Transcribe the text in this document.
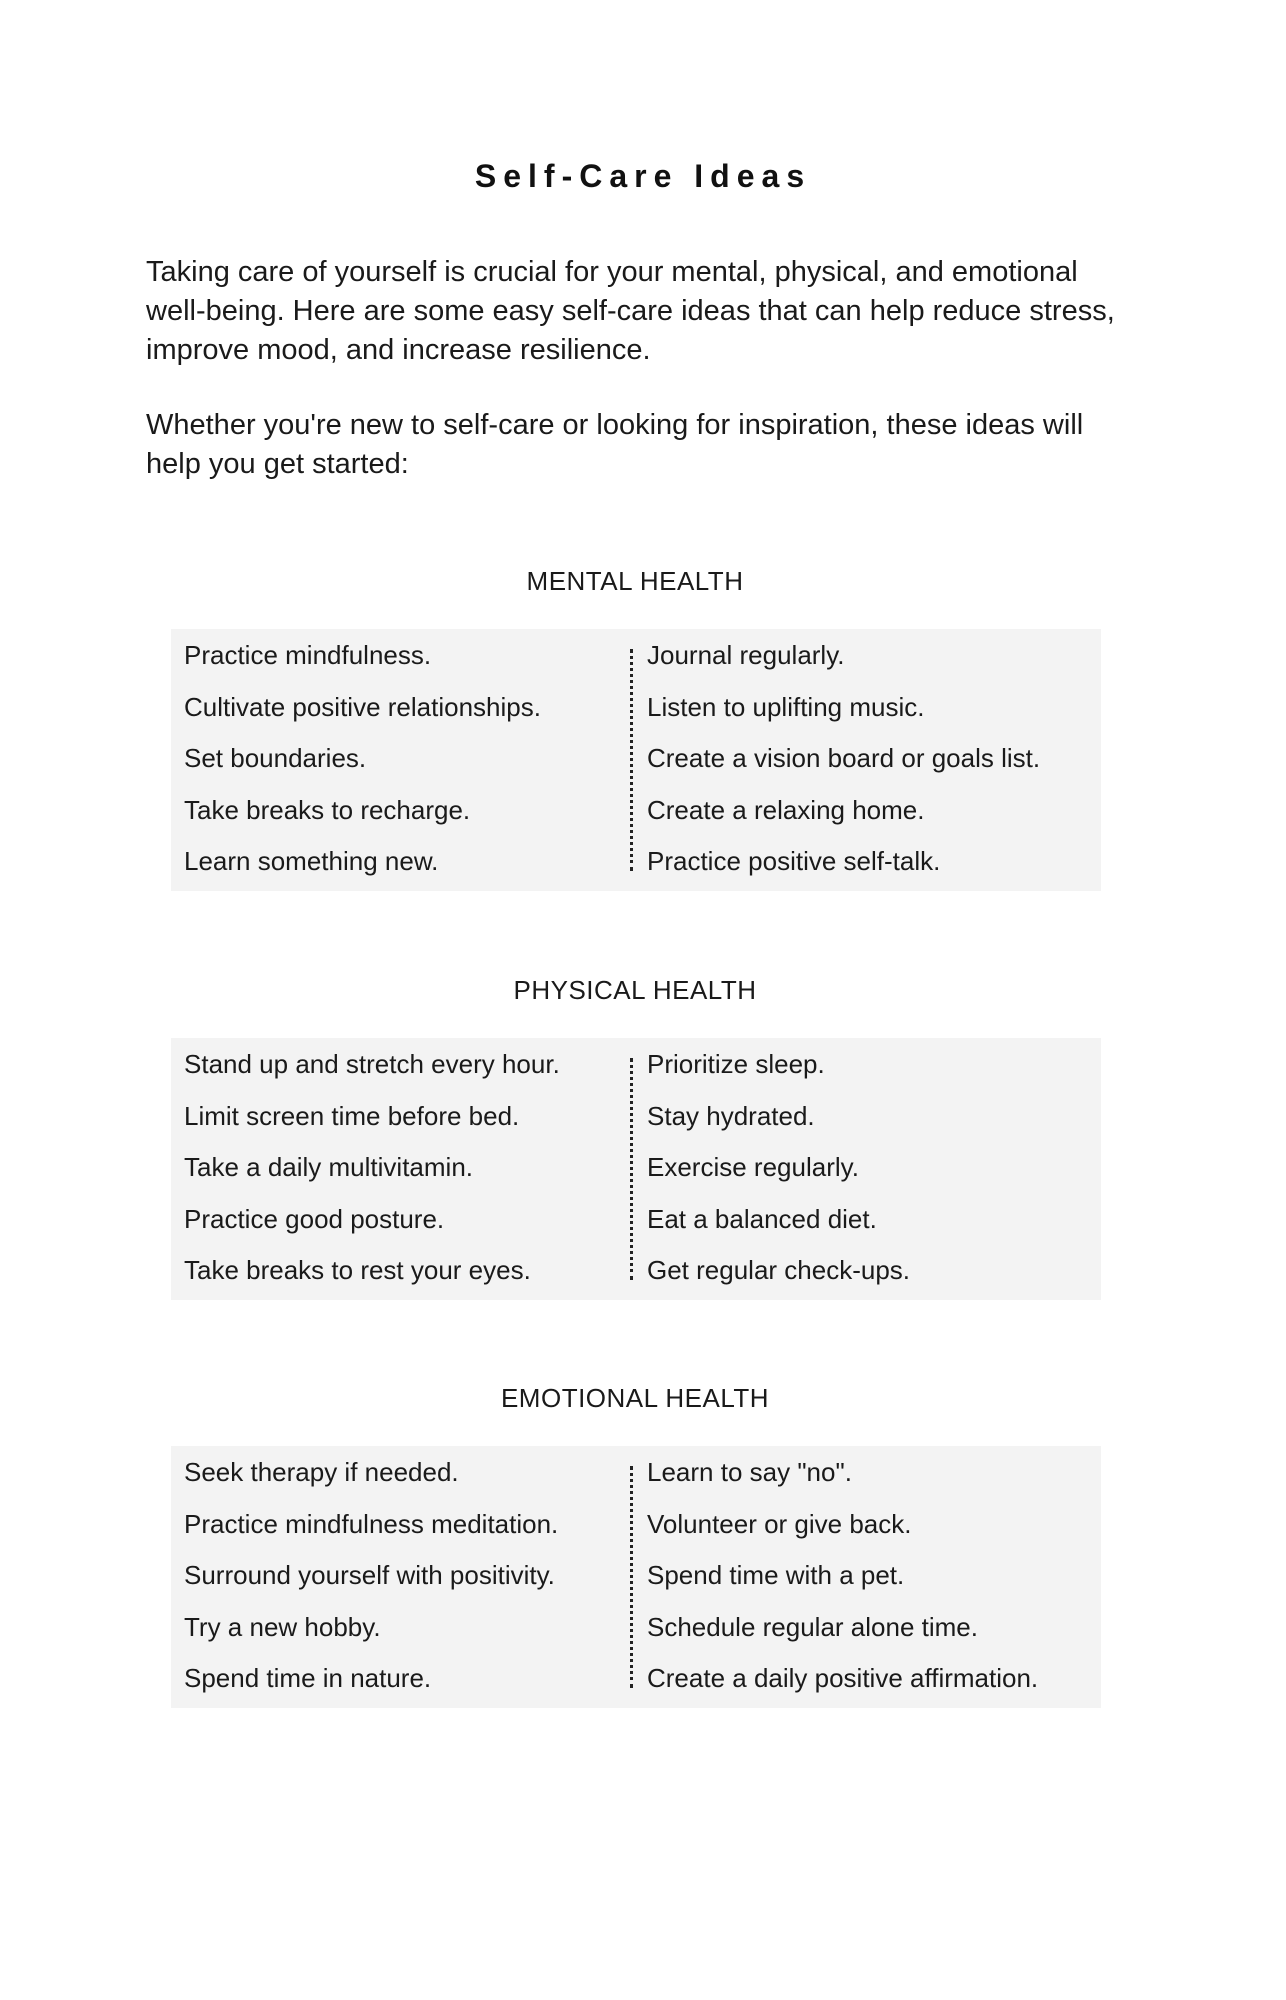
Self-Care Ideas

Taking care of yourself is crucial for your mental, physical, and emotional well-being. Here are some easy self-care ideas that can help reduce stress, improve mood, and increase resilience.

Whether you're new to self-care or looking for inspiration, these ideas will help you get started:

MENTAL HEALTH
Practice mindfulness.
Cultivate positive relationships.
Set boundaries.
Take breaks to recharge.
Learn something new.
Journal regularly.
Listen to uplifting music.
Create a vision board or goals list.
Create a relaxing home.
Practice positive self-talk.
PHYSICAL HEALTH
Stand up and stretch every hour.
Limit screen time before bed.
Take a daily multivitamin.
Practice good posture.
Take breaks to rest your eyes.
Prioritize sleep.
Stay hydrated.
Exercise regularly.
Eat a balanced diet.
Get regular check-ups.
EMOTIONAL HEALTH
Seek therapy if needed.
Practice mindfulness meditation.
Surround yourself with positivity.
Try a new hobby.
Spend time in nature.
Learn to say "no".
Volunteer or give back.
Spend time with a pet.
Schedule regular alone time.
Create a daily positive affirmation.
